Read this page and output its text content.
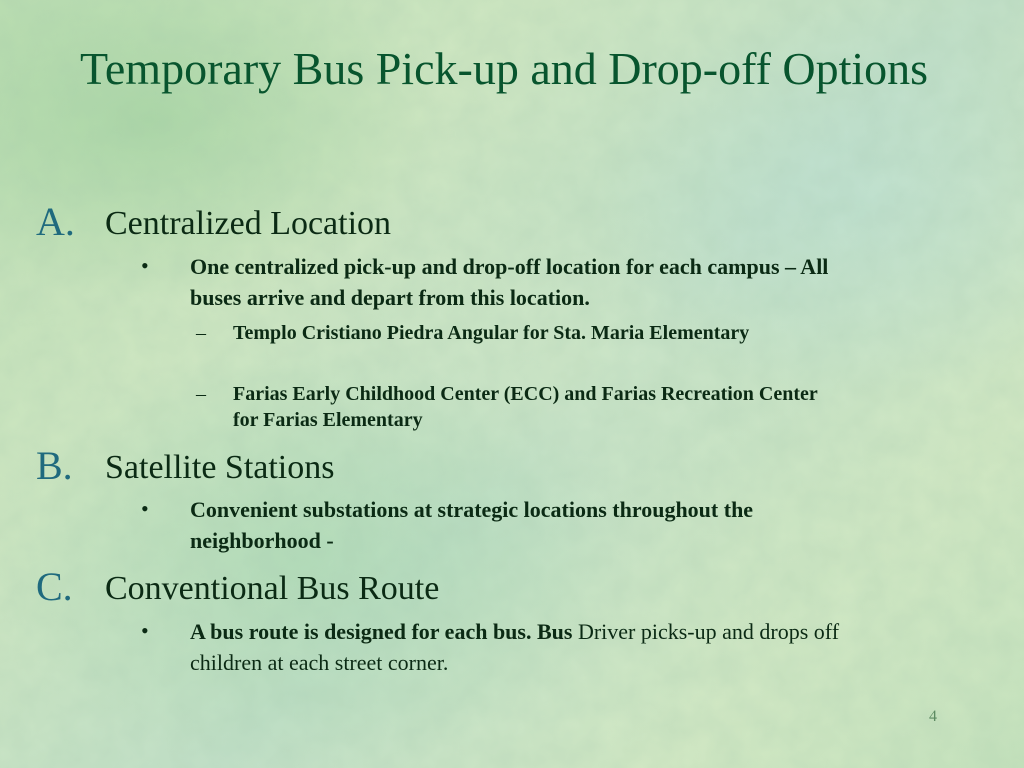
Temporary Bus Pick-up and Drop-off Options
A. Centralized Location
• One centralized pick-up and drop-off location for each campus – All buses arrive and depart from this location.
– Templo Cristiano Piedra Angular for Sta. Maria Elementary
– Farias Early Childhood Center (ECC) and Farias Recreation Center for Farias Elementary
B. Satellite Stations
• Convenient substations at strategic locations throughout the neighborhood -
C. Conventional Bus Route
• A bus route is designed for each bus. Bus Driver picks-up and drops off children at each street corner.
4
